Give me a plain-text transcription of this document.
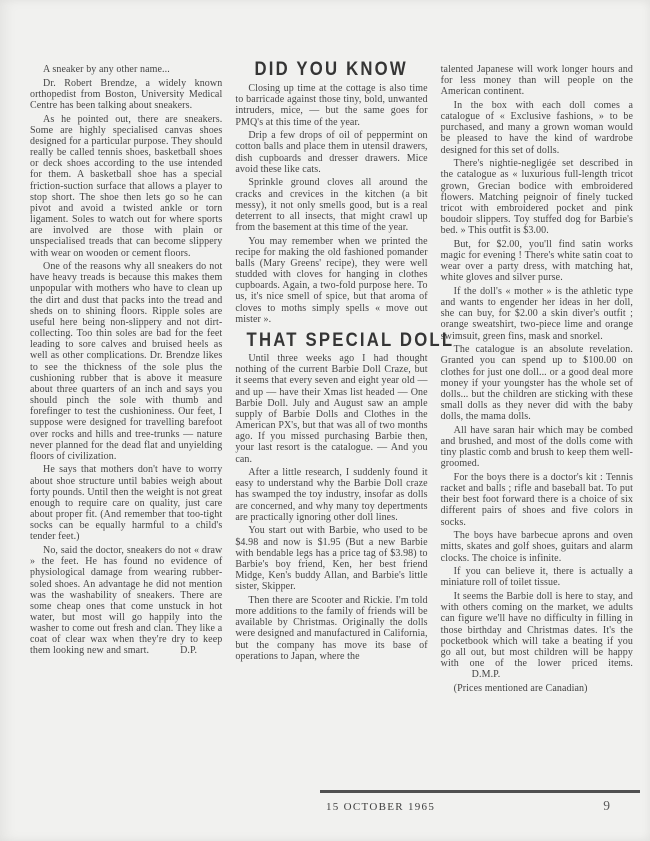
A sneaker by any other name...

Dr. Robert Brendze, a widely known orthopedist from Boston, University Medical Centre has been talking about sneakers.

As he pointed out, there are sneakers. Some are highly specialised canvas shoes designed for a particular purpose. They should really be called tennis shoes, basketball shoes or deck shoes according to the use intended for them. A basketball shoe has a special friction-suction surface that allows a player to stop short. The shoe then lets go so he can pivot and avoid a twisted ankle or torn ligament. Soles to watch out for where sports are involved are those with plain or unspecialised treads that can become slippery with wear on wooden or cement floors.

One of the reasons why all sneakers do not have heavy treads is because this makes them unpopular with mothers who have to clean up the dirt and dust that packs into the tread and sheds on to shining floors. Ripple soles are useful here being non-slippery and not dirt-collecting. Too thin soles are bad for the feet leading to sore calves and bruised heels as well as other complications. Dr. Brendze likes to see the thickness of the sole plus the cushioning rubber that is above it measure about three quarters of an inch and says you should pinch the sole with thumb and forefinger to test the cushioniness. Our feet, I suppose were designed for travelling barefoot over rocks and hills and tree-trunks — nature never planned for the dead flat and unyielding floors of civilization.

He says that mothers don't have to worry about shoe structure until babies weigh about forty pounds. Until then the weight is not great enough to require care on quality, just care about proper fit. (And remember that too-tight socks can be equally harmful to a child's tender feet.)

No, said the doctor, sneakers do not « draw » the feet. He has found no evidence of physiological damage from wearing rubber-soled shoes. An advantage he did not mention was the washability of sneakers. There are some cheap ones that come unstuck in hot water, but most will go happily into the washer to come out fresh and clan. They like a coat of clear wax when they're dry to keep them looking new and smart.	D.P.

DID YOU KNOW

Closing up time at the cottage is also time to barricade against those tiny, bold, unwanted intruders, mice, — but the same goes for PMQ's at this time of the year.

Drip a few drops of oil of peppermint on cotton balls and place them in utensil drawers, dish cupboards and dresser drawers. Mice avoid these like cats.

Sprinkle ground cloves all around the cracks and crevices in the kitchen (a bit messy), it not only smells good, but is a real deterrent to all insects, that might crawl up from the basement at this time of the year.

You may remember when we printed the recipe for making the old fashioned pomander balls (Mary Greens' recipe), they were well studded with cloves for hanging in clothes cupboards. Again, a two-fold purpose here. To us, it's nice smell of spice, but that aroma of cloves to moths simply spells « move out mister ».

THAT SPECIAL DOLL

Until three weeks ago I had thought nothing of the current Barbie Doll Craze, but it seems that every seven and eight year old — and up — have their Xmas list headed — One Barbie Doll. July and August saw an ample supply of Barbie Dolls and Clothes in the American PX's, but that was all of two months ago. If you missed purchasing Barbie then, your last resort is the catalogue. — And you can.

After a little research, I suddenly found it easy to understand why the Barbie Doll craze has swamped the toy industry, insofar as dolls are concerned, and why many toy depertments are practically ignoring other doll lines.

You start out with Barbie, who used to be $4.98 and now is $1.95 (But a new Barbie with bendable legs has a price tag of $3.98) to Barbie's boy friend, Ken, her best friend Midge, Ken's buddy Allan, and Barbie's little sister, Skipper.

Then there are Scooter and Rickie. I'm told more additions to the family of friends will be available by Christmas. Originally the dolls were designed and manufactured in California, but the company has move its base of operations to Japan, where the

talented Japanese will work longer hours and for less money than will people on the American continent.

In the box with each doll comes a catalogue of « Exclusive fashions, » to be purchased, and many a grown woman would be pleased to have the kind of wardrobe designed for this set of dolls.

There's nightie-negligée set described in the catalogue as « luxurious full-length tricot grown, Grecian bodice with embroidered flowers. Matching peignoir of finely tucked tricot with embroidered pocket and pink boudoir slippers. Toy stuffed dog for Barbie's bed. » This outfit is $3.00.

But, for $2.00, you'll find satin works magic for evening ! There's white satin coat to wear over a party dress, with matching hat, white gloves and silver purse.

If the doll's « mother » is the athletic type and wants to engender her ideas in her doll, she can buy, for $2.00 a skin diver's outfit ; orange sweatshirt, two-piece lime and orange swimsuit, green fins, mask and snorkel.

The catalogue is an absolute revelation. Granted you can spend up to $100.00 on clothes for just one doll... or a good deal more money if your youngster has the whole set of dolls... but the children are sticking with these small dolls as they never did with the baby dolls, the mama dolls.

All have saran hair which may be combed and brushed, and most of the dolls come with tiny plastic comb and brush to keep them well-groomed.

For the boys there is a doctor's kit : Tennis racket and balls ; rifle and baseball bat. To put their best foot forward there is a choice of six different pairs of shoes and five colors in socks.

The boys have barbecue aprons and oven mitts, skates and golf shoes, guitars and alarm clocks. The choice is infinite.

If you can believe it, there is actually a miniature roll of toilet tissue.

It seems the Barbie doll is here to stay, and with others coming on the market, we adults can figure we'll have no difficulty in filling in those birthday and Christmas dates. It's the pocketbook which will take a beating if you go all out, but most children will be happy with one of the lower priced items.D.M.P.

(Prices mentioned are Canadian)

15 OCTOBER 1965	9
